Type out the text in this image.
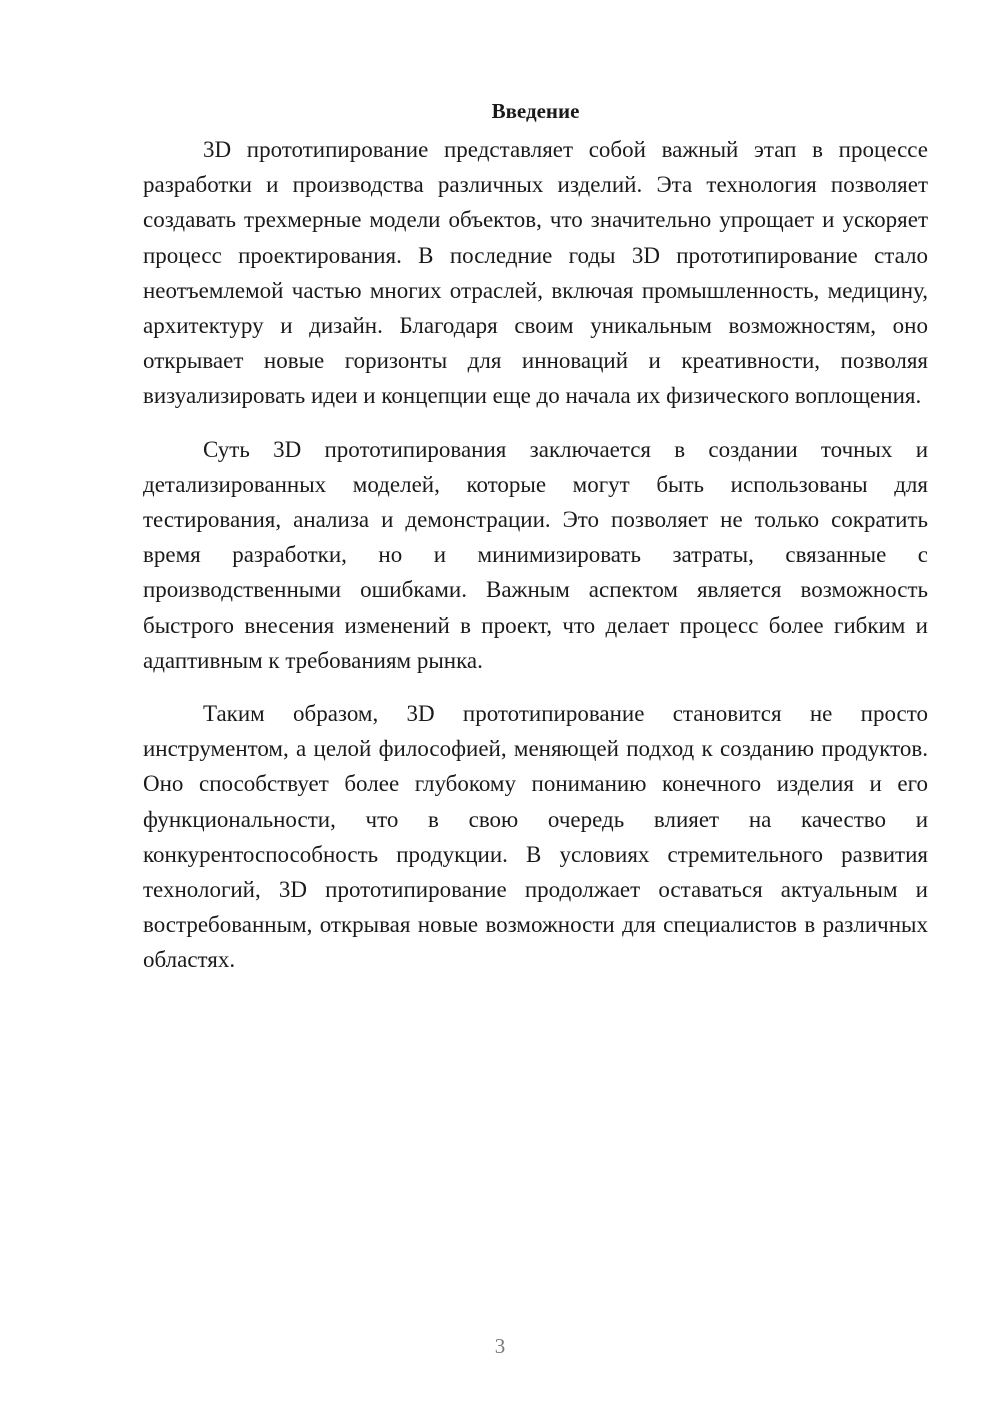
Введение

3D прототипирование представляет собой важный этап в процессе разработки и производства различных изделий. Эта технология позволяет создавать трехмерные модели объектов, что значительно упрощает и ускоряет процесс проектирования. В последние годы 3D прототипирование стало неотъемлемой частью многих отраслей, включая промышленность, медицину, архитектуру и дизайн. Благодаря своим уникальным возможностям, оно открывает новые горизонты для инноваций и креативности, позволяя визуализировать идеи и концепции еще до начала их физического воплощения.

Суть 3D прототипирования заключается в создании точных и детализированных моделей, которые могут быть использованы для тестирования, анализа и демонстрации. Это позволяет не только сократить время разработки, но и минимизировать затраты, связанные с производственными ошибками. Важным аспектом является возможность быстрого внесения изменений в проект, что делает процесс более гибким и адаптивным к требованиям рынка.

Таким образом, 3D прототипирование становится не просто инструментом, а целой философией, меняющей подход к созданию продуктов. Оно способствует более глубокому пониманию конечного изделия и его функциональности, что в свою очередь влияет на качество и конкурентоспособность продукции. В условиях стремительного развития технологий, 3D прототипирование продолжает оставаться актуальным и востребованным, открывая новые возможности для специалистов в различных областях.

3
